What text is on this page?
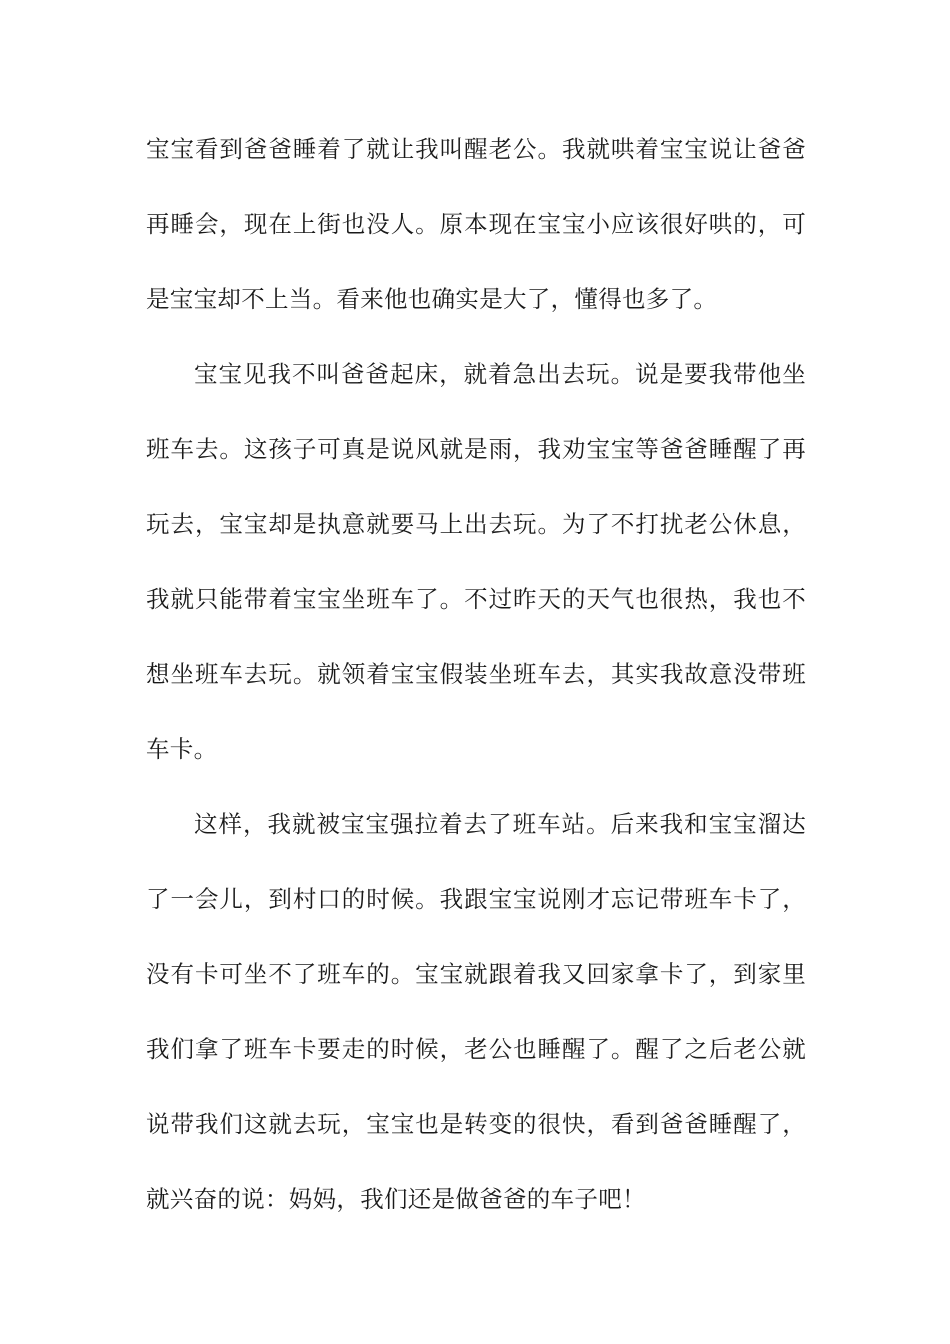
宝宝看到爸爸睡着了就让我叫醒老公。我就哄着宝宝说让爸爸
再睡会，现在上街也没人。原本现在宝宝小应该很好哄的，可
是宝宝却不上当。看来他也确实是大了，懂得也多了。
宝宝见我不叫爸爸起床，就着急出去玩。说是要我带他坐
班车去。这孩子可真是说风就是雨，我劝宝宝等爸爸睡醒了再
玩去，宝宝却是执意就要马上出去玩。为了不打扰老公休息，
我就只能带着宝宝坐班车了。不过昨天的天气也很热，我也不
想坐班车去玩。就领着宝宝假装坐班车去，其实我故意没带班
车卡。
这样，我就被宝宝强拉着去了班车站。后来我和宝宝溜达
了一会儿，到村口的时候。我跟宝宝说刚才忘记带班车卡了，
没有卡可坐不了班车的。宝宝就跟着我又回家拿卡了，到家里
我们拿了班车卡要走的时候，老公也睡醒了。醒了之后老公就
说带我们这就去玩，宝宝也是转变的很快，看到爸爸睡醒了，
就兴奋的说：妈妈，我们还是做爸爸的车子吧！
